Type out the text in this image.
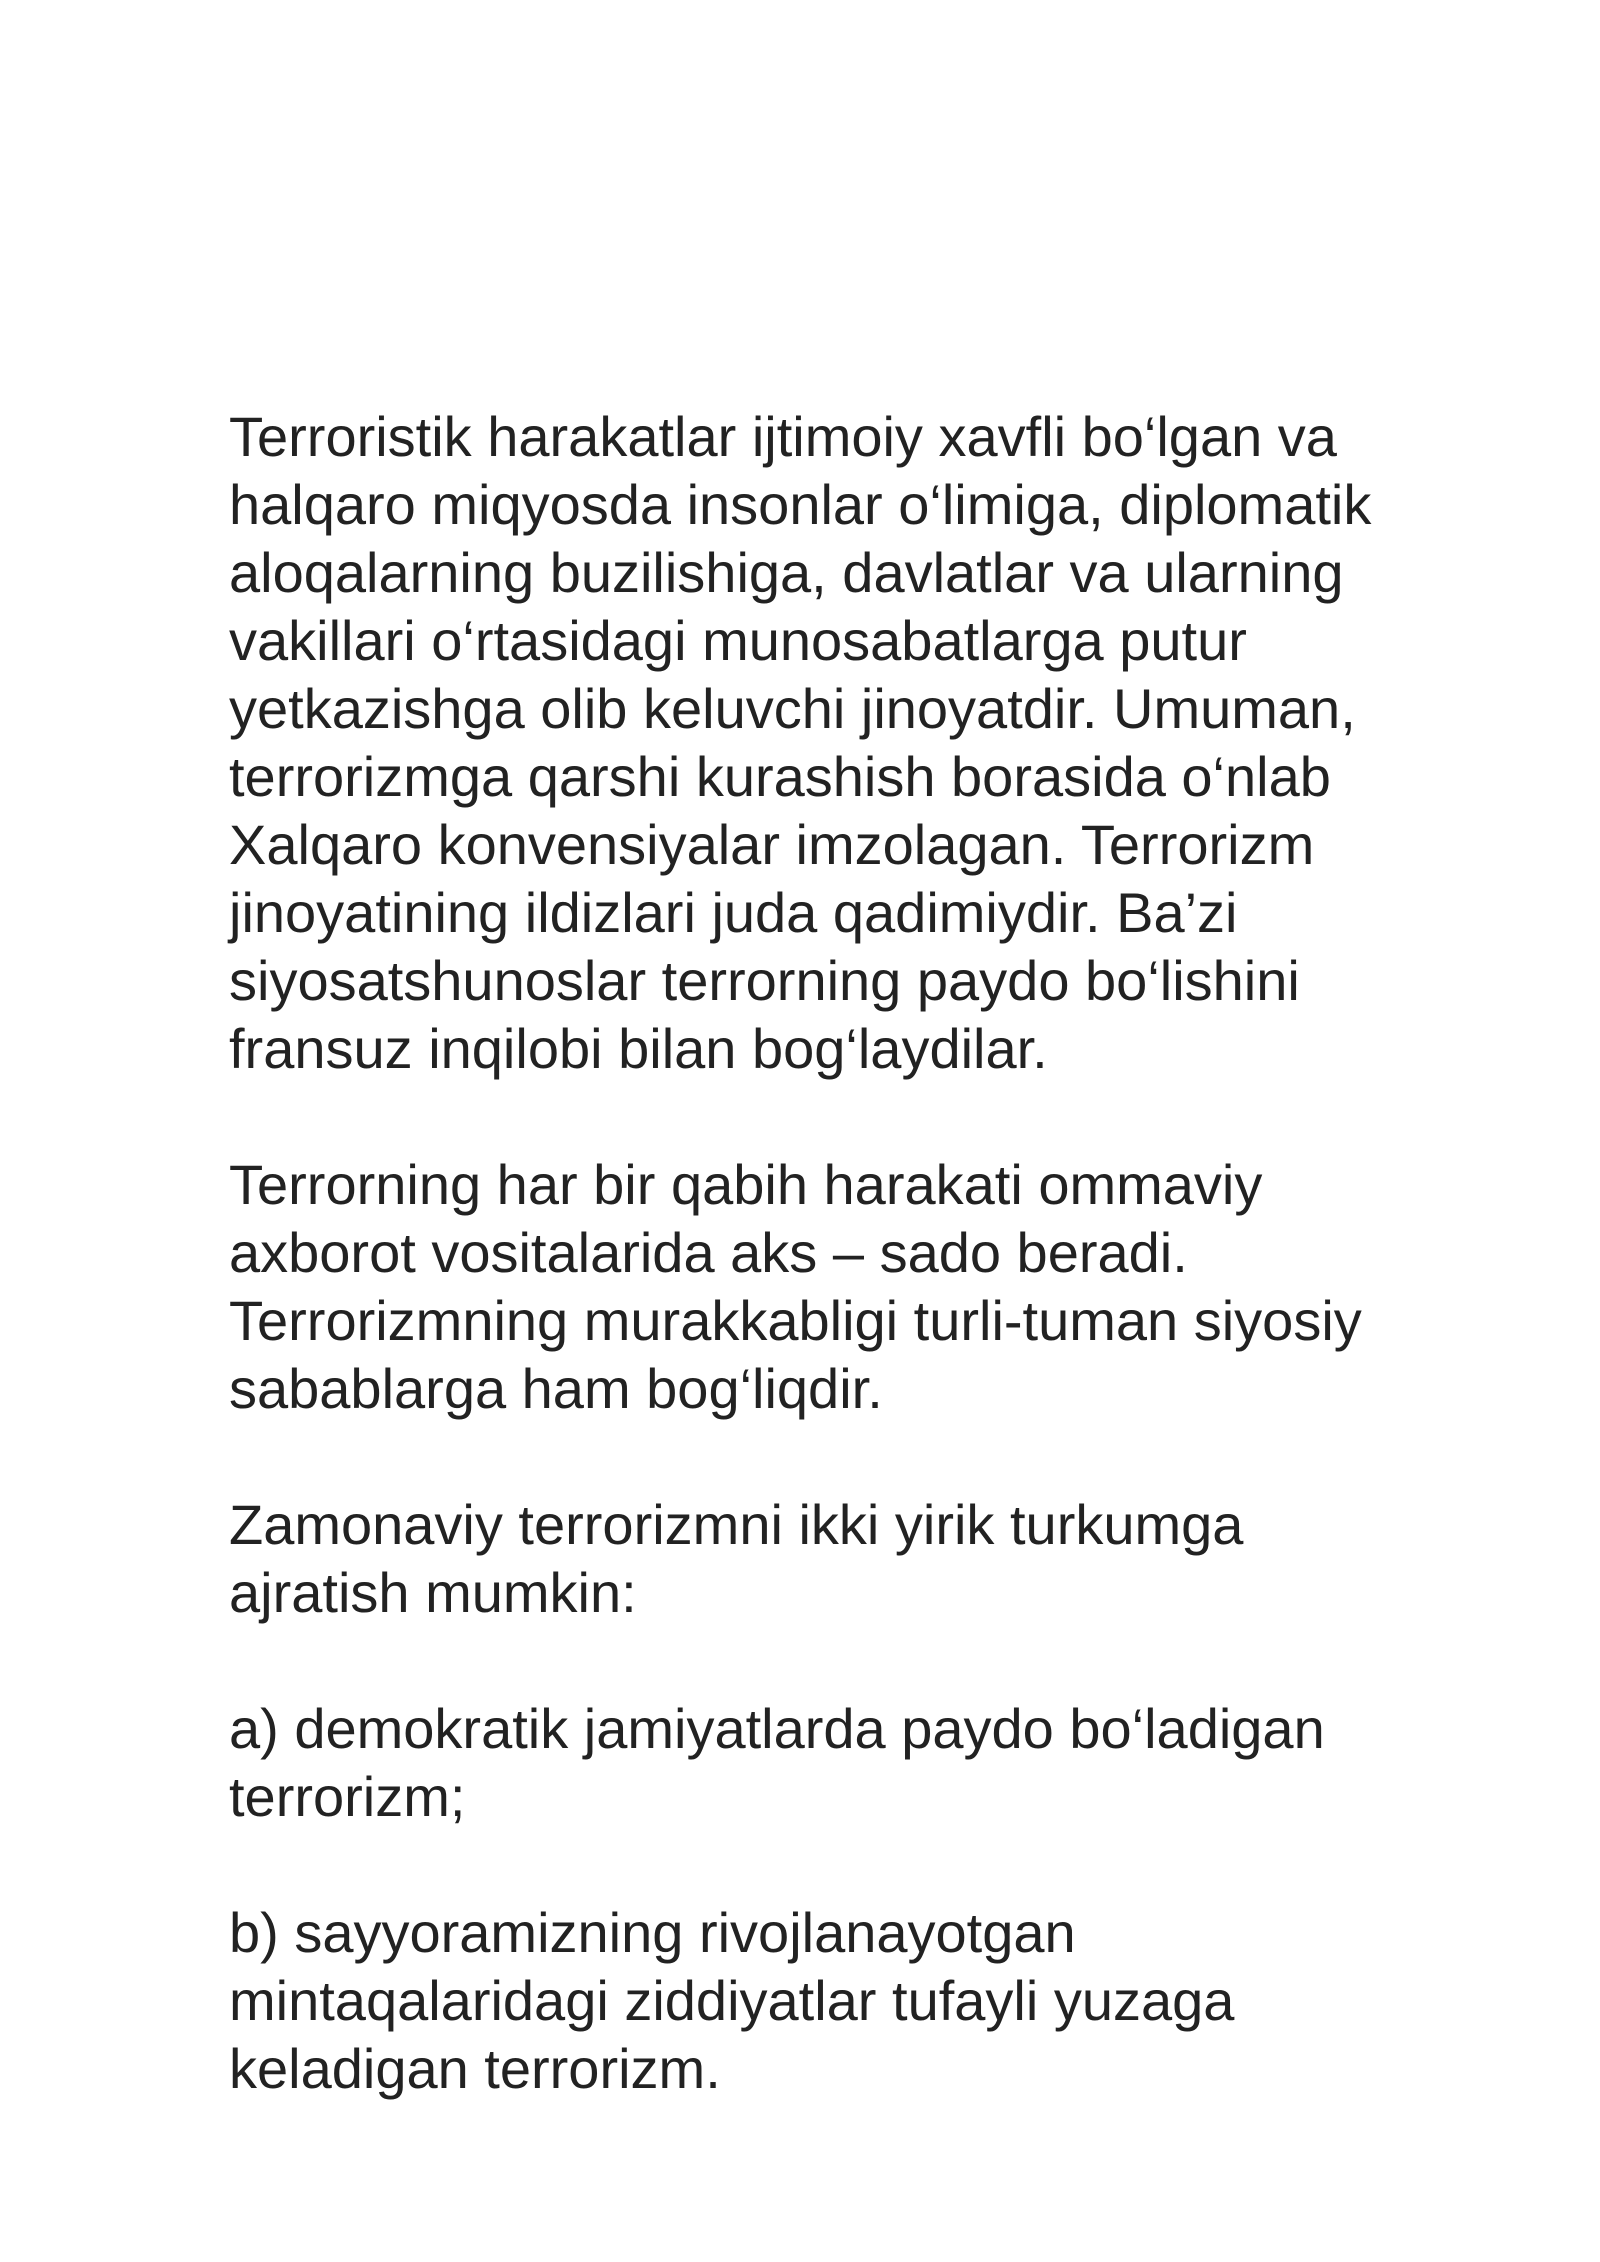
Terroristik harakatlar ijtimoiy xavfli bo‘lgan va
halqaro miqyosda insonlar o‘limiga, diplomatik
aloqalarning buzilishiga, davlatlar va ularning
vakillari o‘rtasidagi munosabatlarga putur
yetkazishga olib keluvchi jinoyatdir. Umuman,
terrorizmga qarshi kurashish borasida o‘nlab
Xalqaro konvensiyalar imzolagan. Terrorizm
jinoyatining ildizlari juda qadimiydir. Ba’zi
siyosatshunoslar terrorning paydo bo‘lishini
fransuz inqilobi bilan bog‘laydilar.

Terrorning har bir qabih harakati ommaviy
axborot vositalarida aks – sado beradi.
Terrorizmning murakkabligi turli-tuman siyosiy
sabablarga ham bog‘liqdir.

Zamonaviy terrorizmni ikki yirik turkumga
ajratish mumkin:

a) demokratik jamiyatlarda paydo bo‘ladigan
terrorizm;

b) sayyoramizning rivojlanayotgan
mintaqalaridagi ziddiyatlar tufayli yuzaga
keladigan terrorizm.
